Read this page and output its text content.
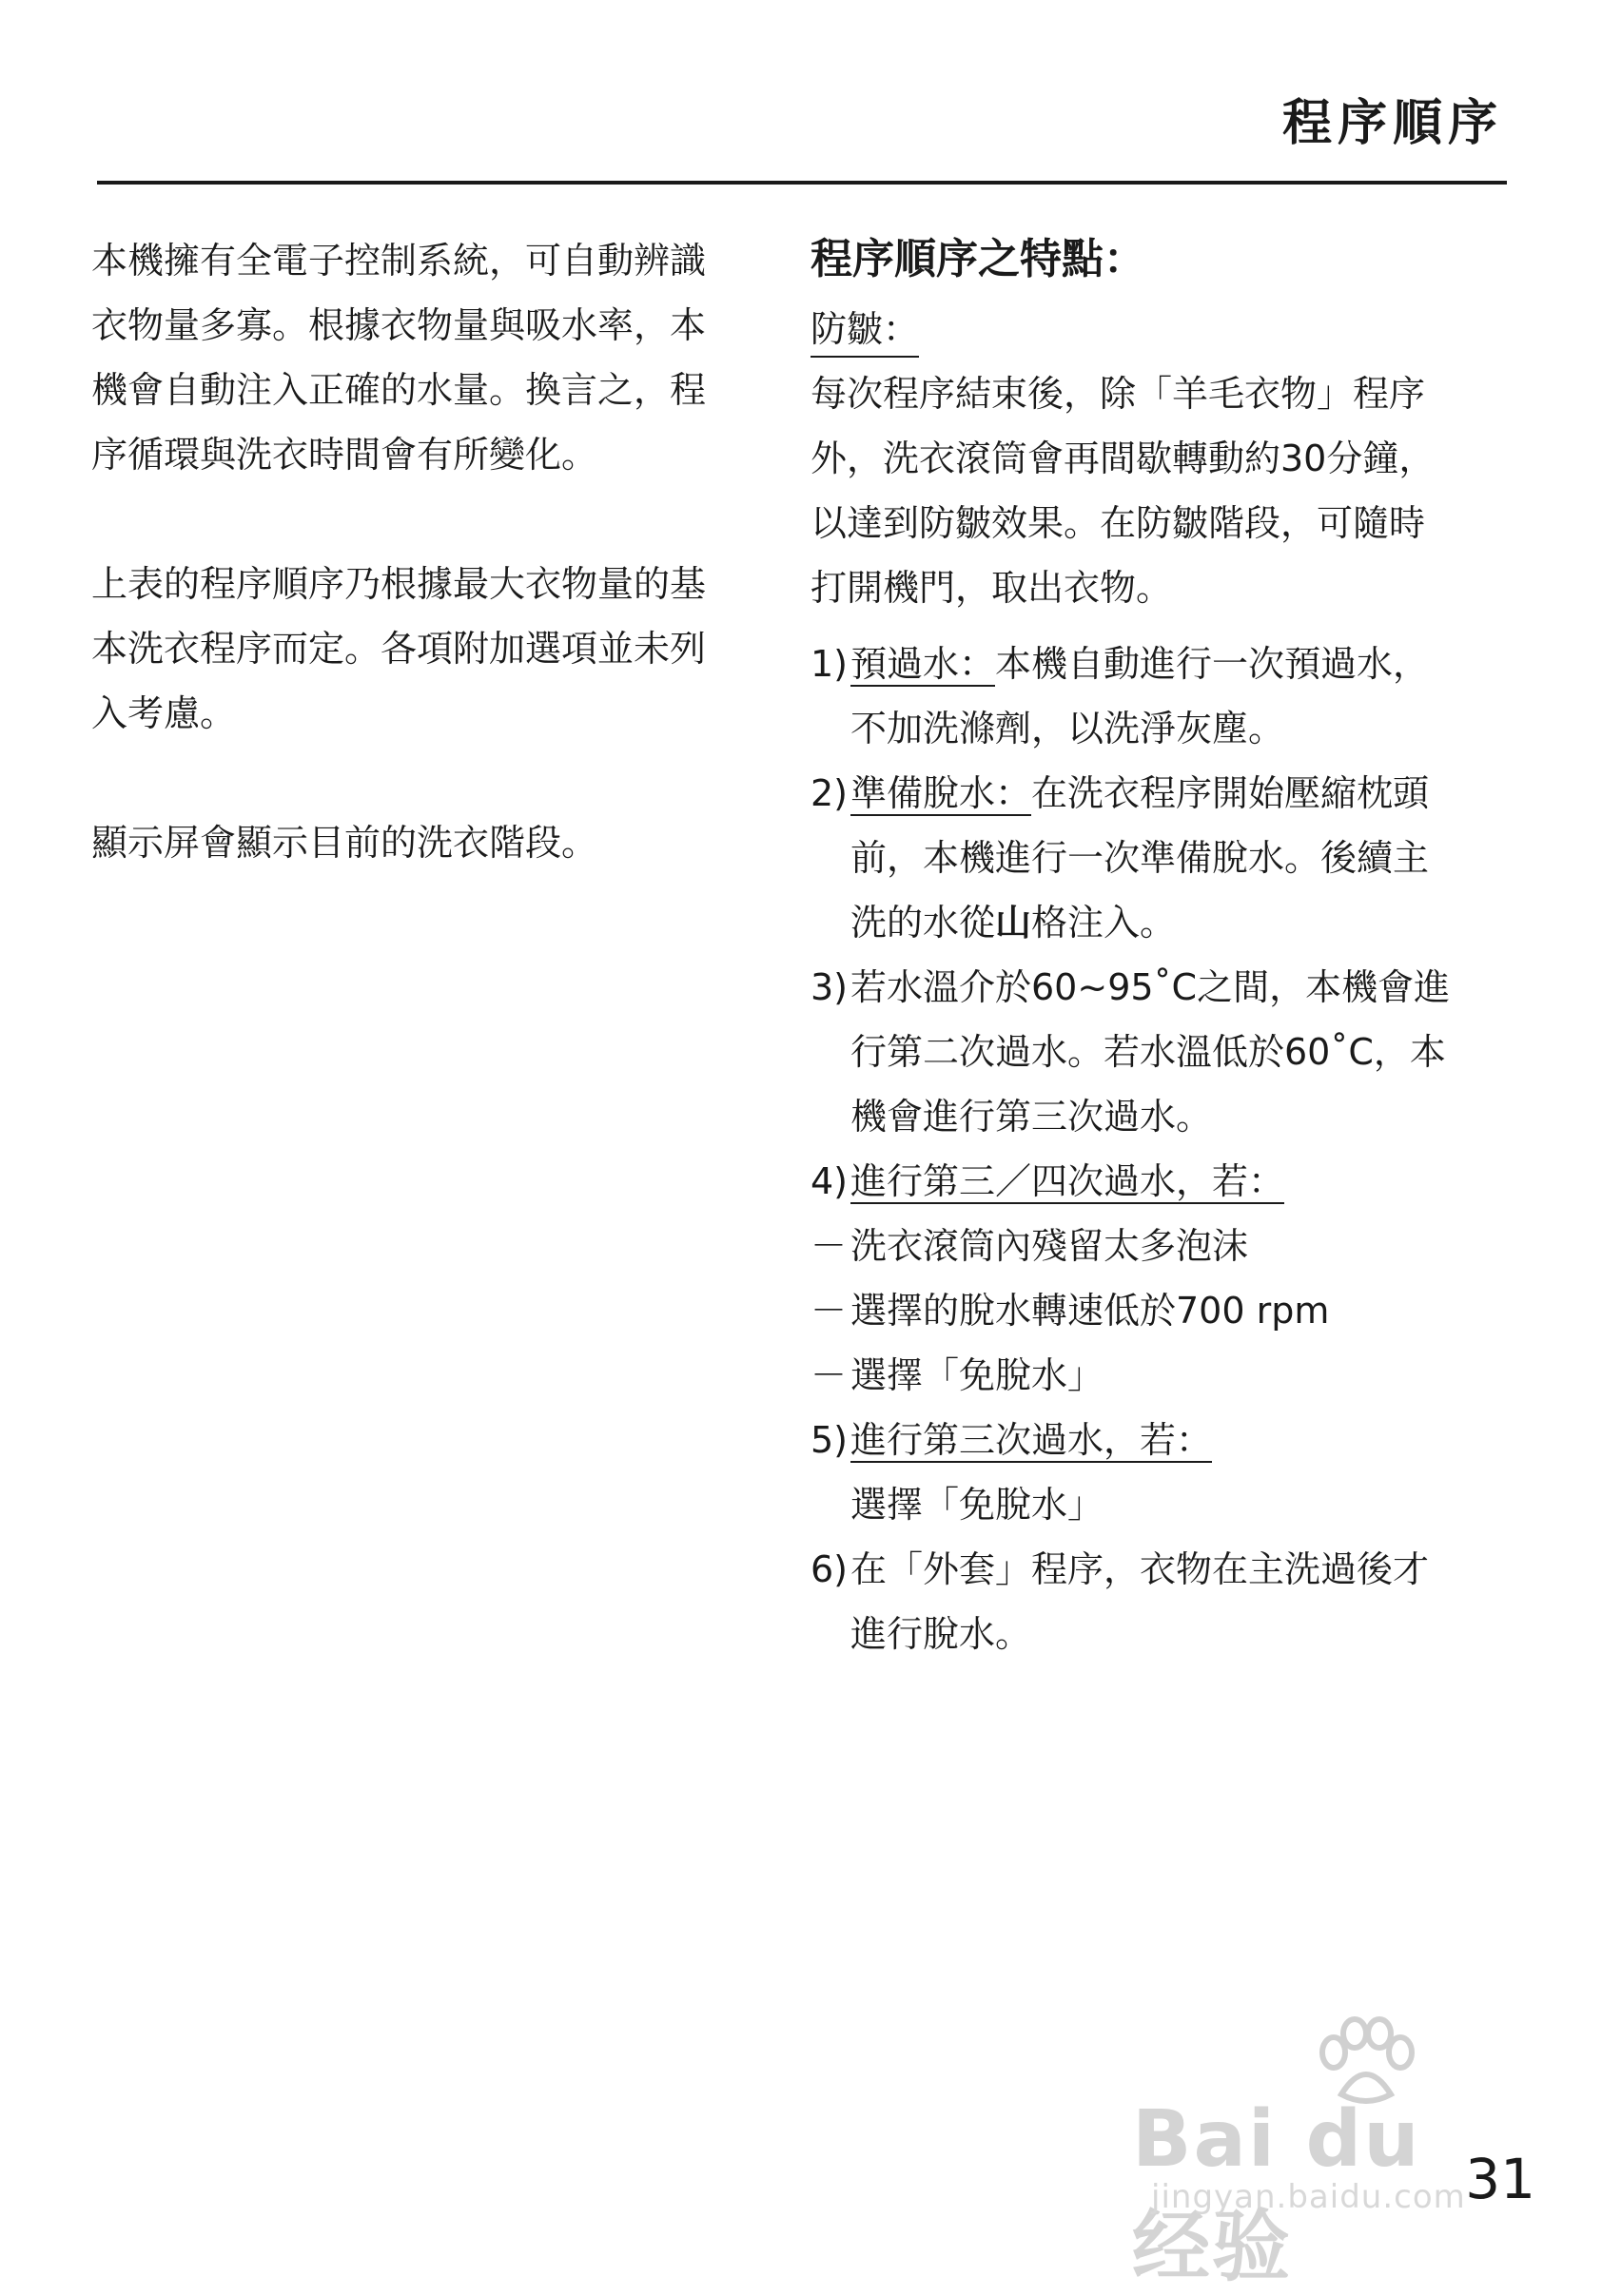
程序順序

本機擁有全電子控制系統，可自動辨識

衣物量多寡。根據衣物量與吸水率，本

機會自動注入正確的水量。換言之，程

序循環與洗衣時間會有所變化。

上表的程序順序乃根據最大衣物量的基

本洗衣程序而定。各項附加選項並未列

入考慮。

顯示屏會顯示目前的洗衣階段。

程序順序之特點：
防皺：

每次程序結束後，除「羊毛衣物」程序

外，洗衣滾筒會再間歇轉動約30分鐘，

以達到防皺效果。在防皺階段，可隨時

打開機門，取出衣物。

1) 預過水：本機自動進行一次預過水，
不加洗滌劑，以洗淨灰塵。
2) 準備脫水：在洗衣程序開始壓縮枕頭
前，本機進行一次準備脫水。後續主
洗的水從山格注入。
3) 若水溫介於60~95˚C之間，本機會進
行第二次過水。若水溫低於60˚C，本
機會進行第三次過水。
4) 進行第三／四次過水，若：
－ 洗衣滾筒內殘留太多泡沫
－ 選擇的脫水轉速低於700 rpm
－ 選擇「免脫水」
5) 進行第三次過水，若：
選擇「免脫水」
6) 在「外套」程序，衣物在主洗過後才
進行脫水。
Bai du 经验
jingyan.baidu.com 31
